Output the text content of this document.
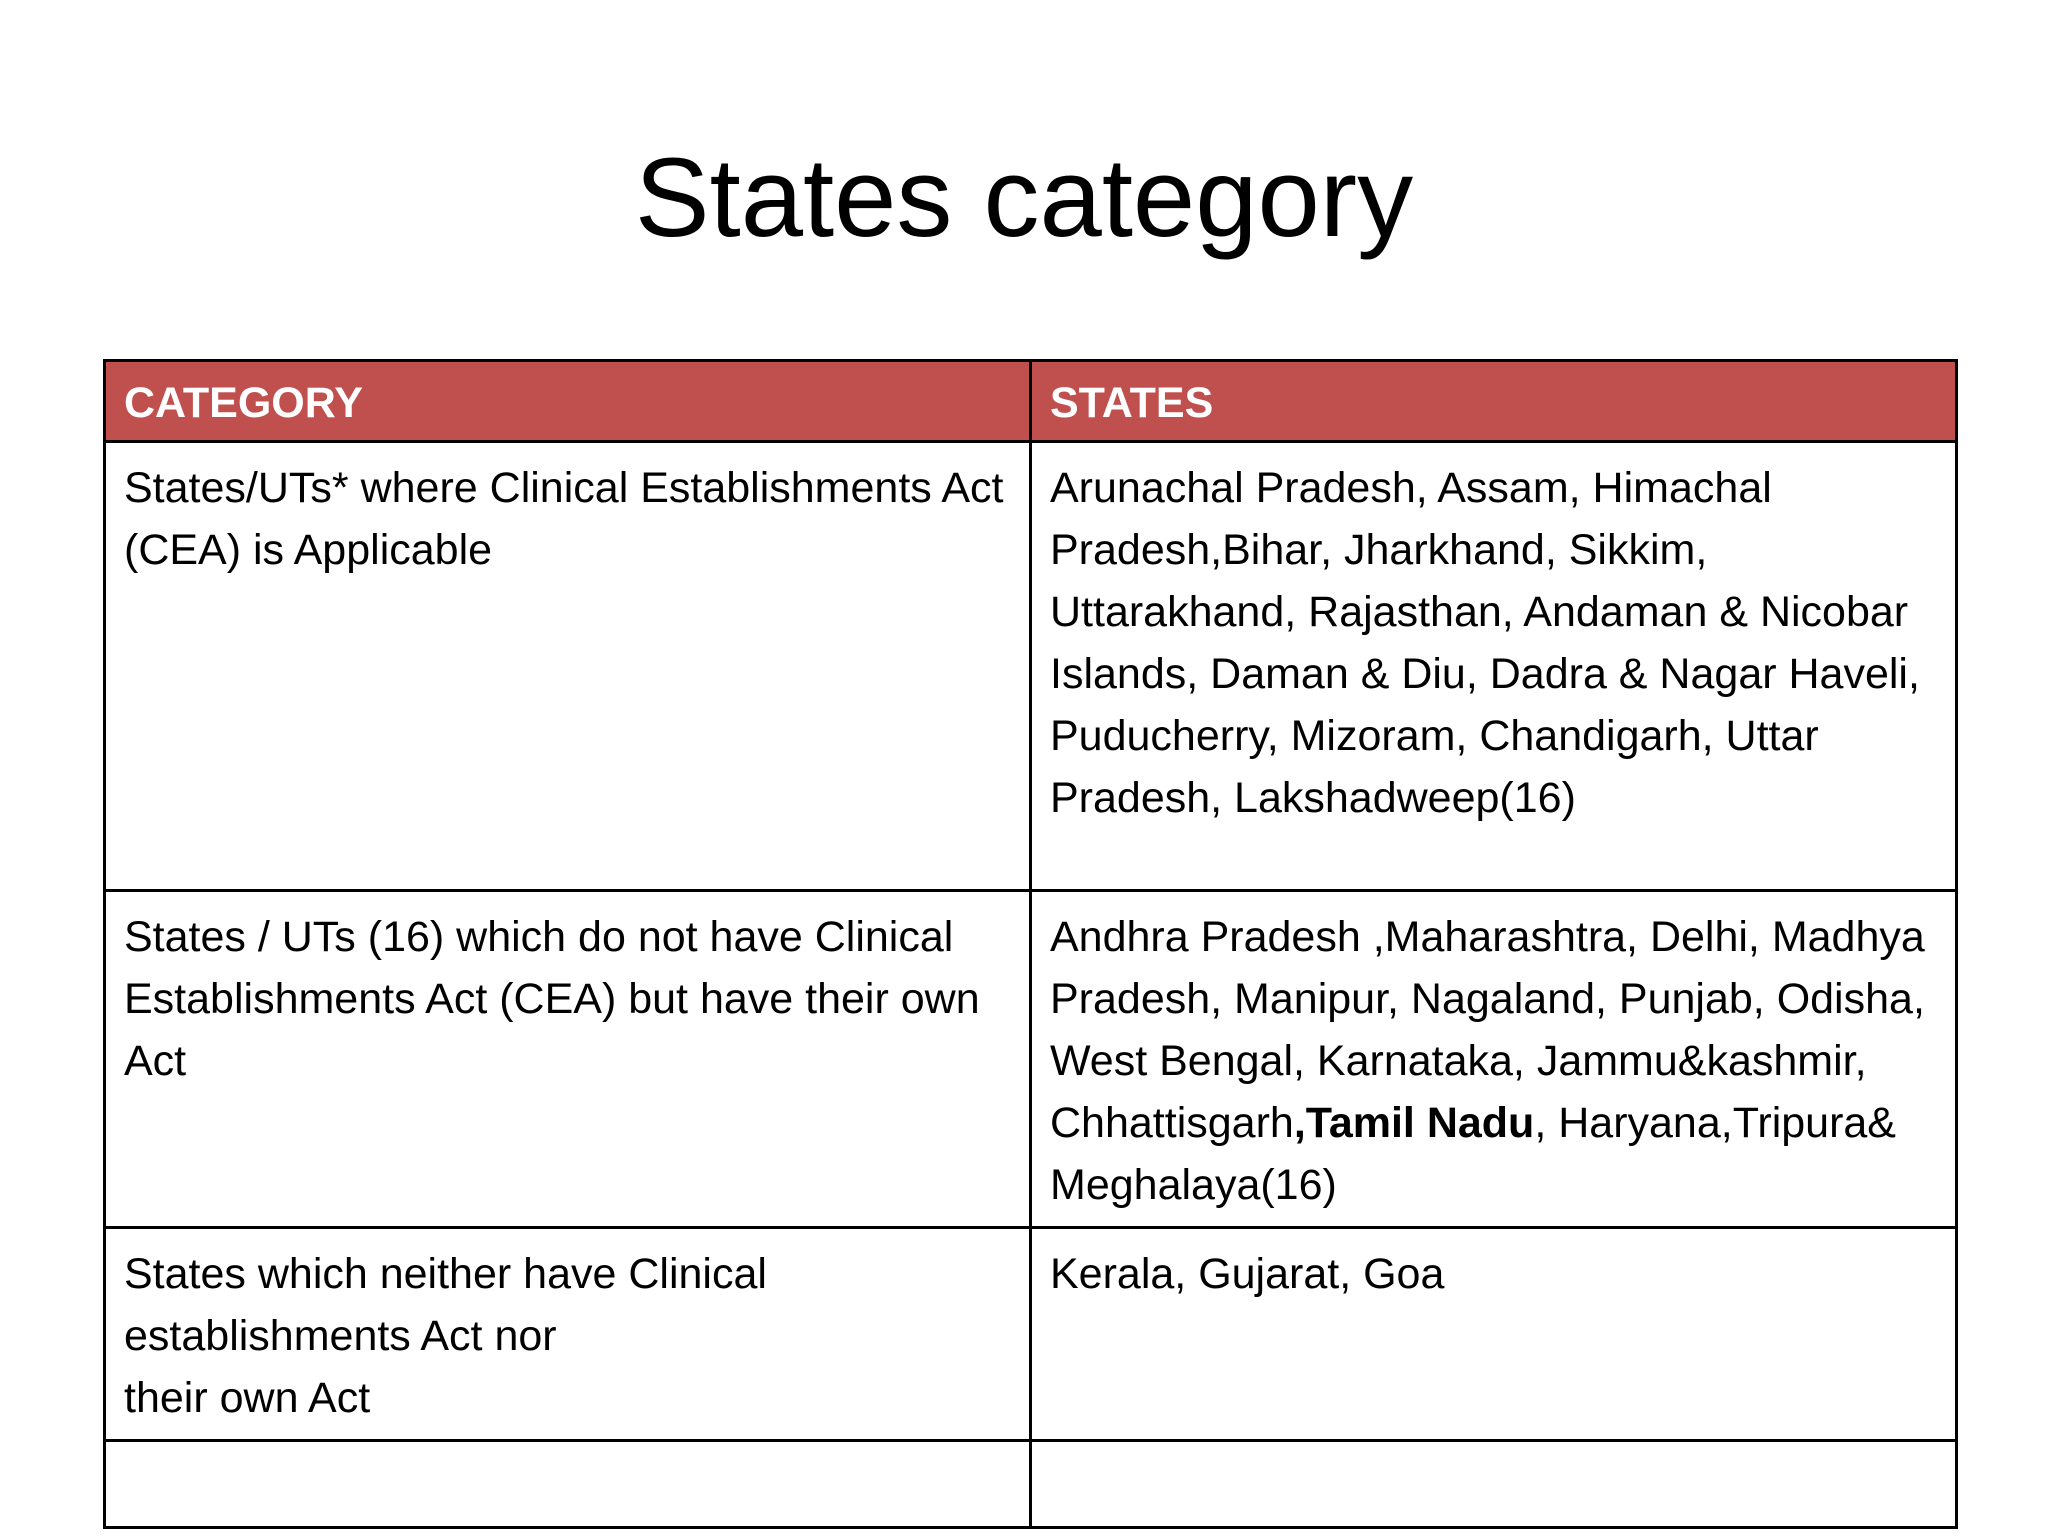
States category
CATEGORY	STATES
States/UTs* where Clinical Establishments Act (CEA) is Applicable	Arunachal Pradesh, Assam, Himachal Pradesh,Bihar, Jharkhand, Sikkim, Uttarakhand, Rajasthan, Andaman & Nicobar Islands, Daman & Diu, Dadra & Nagar Haveli, Puducherry, Mizoram, Chandigarh, Uttar Pradesh, Lakshadweep(16)
States / UTs (16) which do not have Clinical Establishments Act (CEA) but have their own Act	Andhra Pradesh ,Maharashtra, Delhi, Madhya Pradesh, Manipur, Nagaland, Punjab, Odisha, West Bengal, Karnataka, Jammu&kashmir, Chhattisgarh,Tamil Nadu, Haryana,Tripura& Meghalaya(16)

States which neither have Clinical establishments Act nor
their own Act	Kerala, Gujarat, Goa
